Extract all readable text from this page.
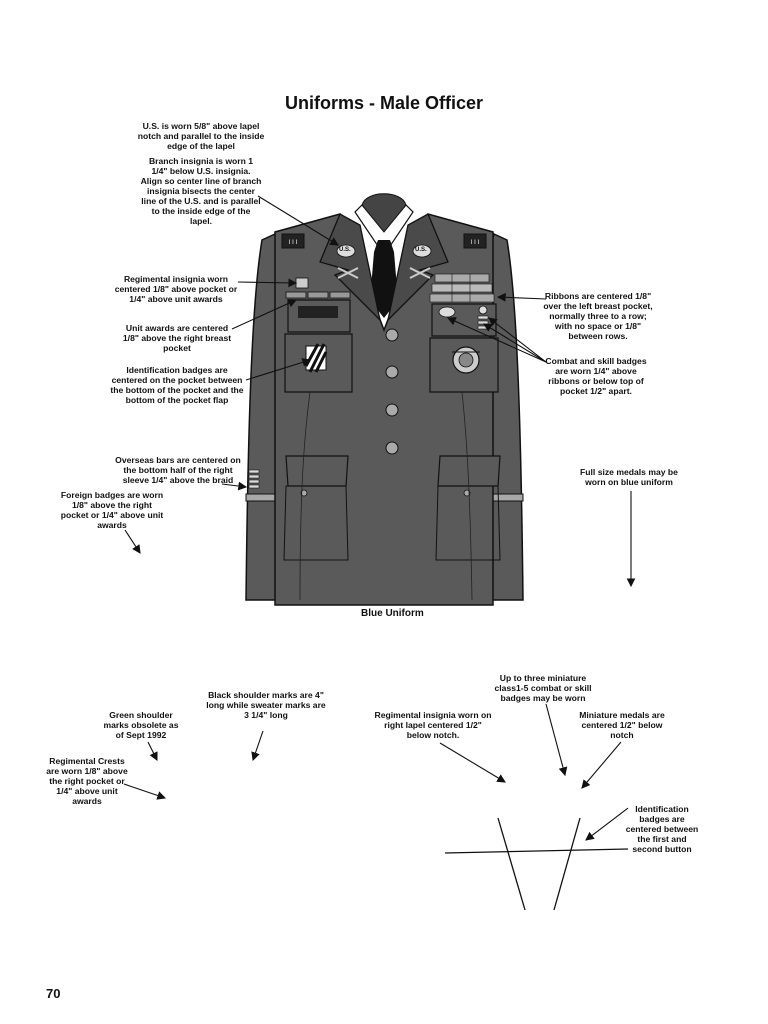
Uniforms - Male Officer
I I I	I I I
U.S. is worn 5/8" above lapel notch and parallel to the inside edge of the lapel
Branch insignia is worn 1 1/4" below U.S. insignia. Align so center line of branch insignia bisects the center line of the U.S. and is parallel to the inside edge of the lapel.
Regimental insignia worn centered 1/8" above pocket or 1/4" above unit awards
Unit awards are centered 1/8" above the right breast pocket
Identification badges are centered on the pocket between the bottom of the pocket and the bottom of the pocket flap
Overseas bars are centered on the bottom half of the right sleeve 1/4" above the braid
Foreign badges are worn 1/8" above the right pocket or 1/4" above unit awards
Ribbons are centered 1/8" over the left breast pocket, normally three to a row; with no space or 1/8" between rows.
Combat and skill badges are worn 1/4" above ribbons or below top of pocket 1/2" apart.
Full size medals may be worn on blue uniform
Blue Uniform
Black shoulder marks are 4" long while sweater marks are 3 1/4" long
Green shoulder marks obsolete as of Sept 1992
Regimental Crests are worn 1/8" above the right pocket or 1/4" above unit awards
Regimental insignia worn on right lapel centered 1/2" below notch.
Up to three miniature class1-5 combat or skill badges may be worn
Miniature medals are centered 1/2" below notch
Identification badges are centered between the first and second button
U.S.	U.S.
70
